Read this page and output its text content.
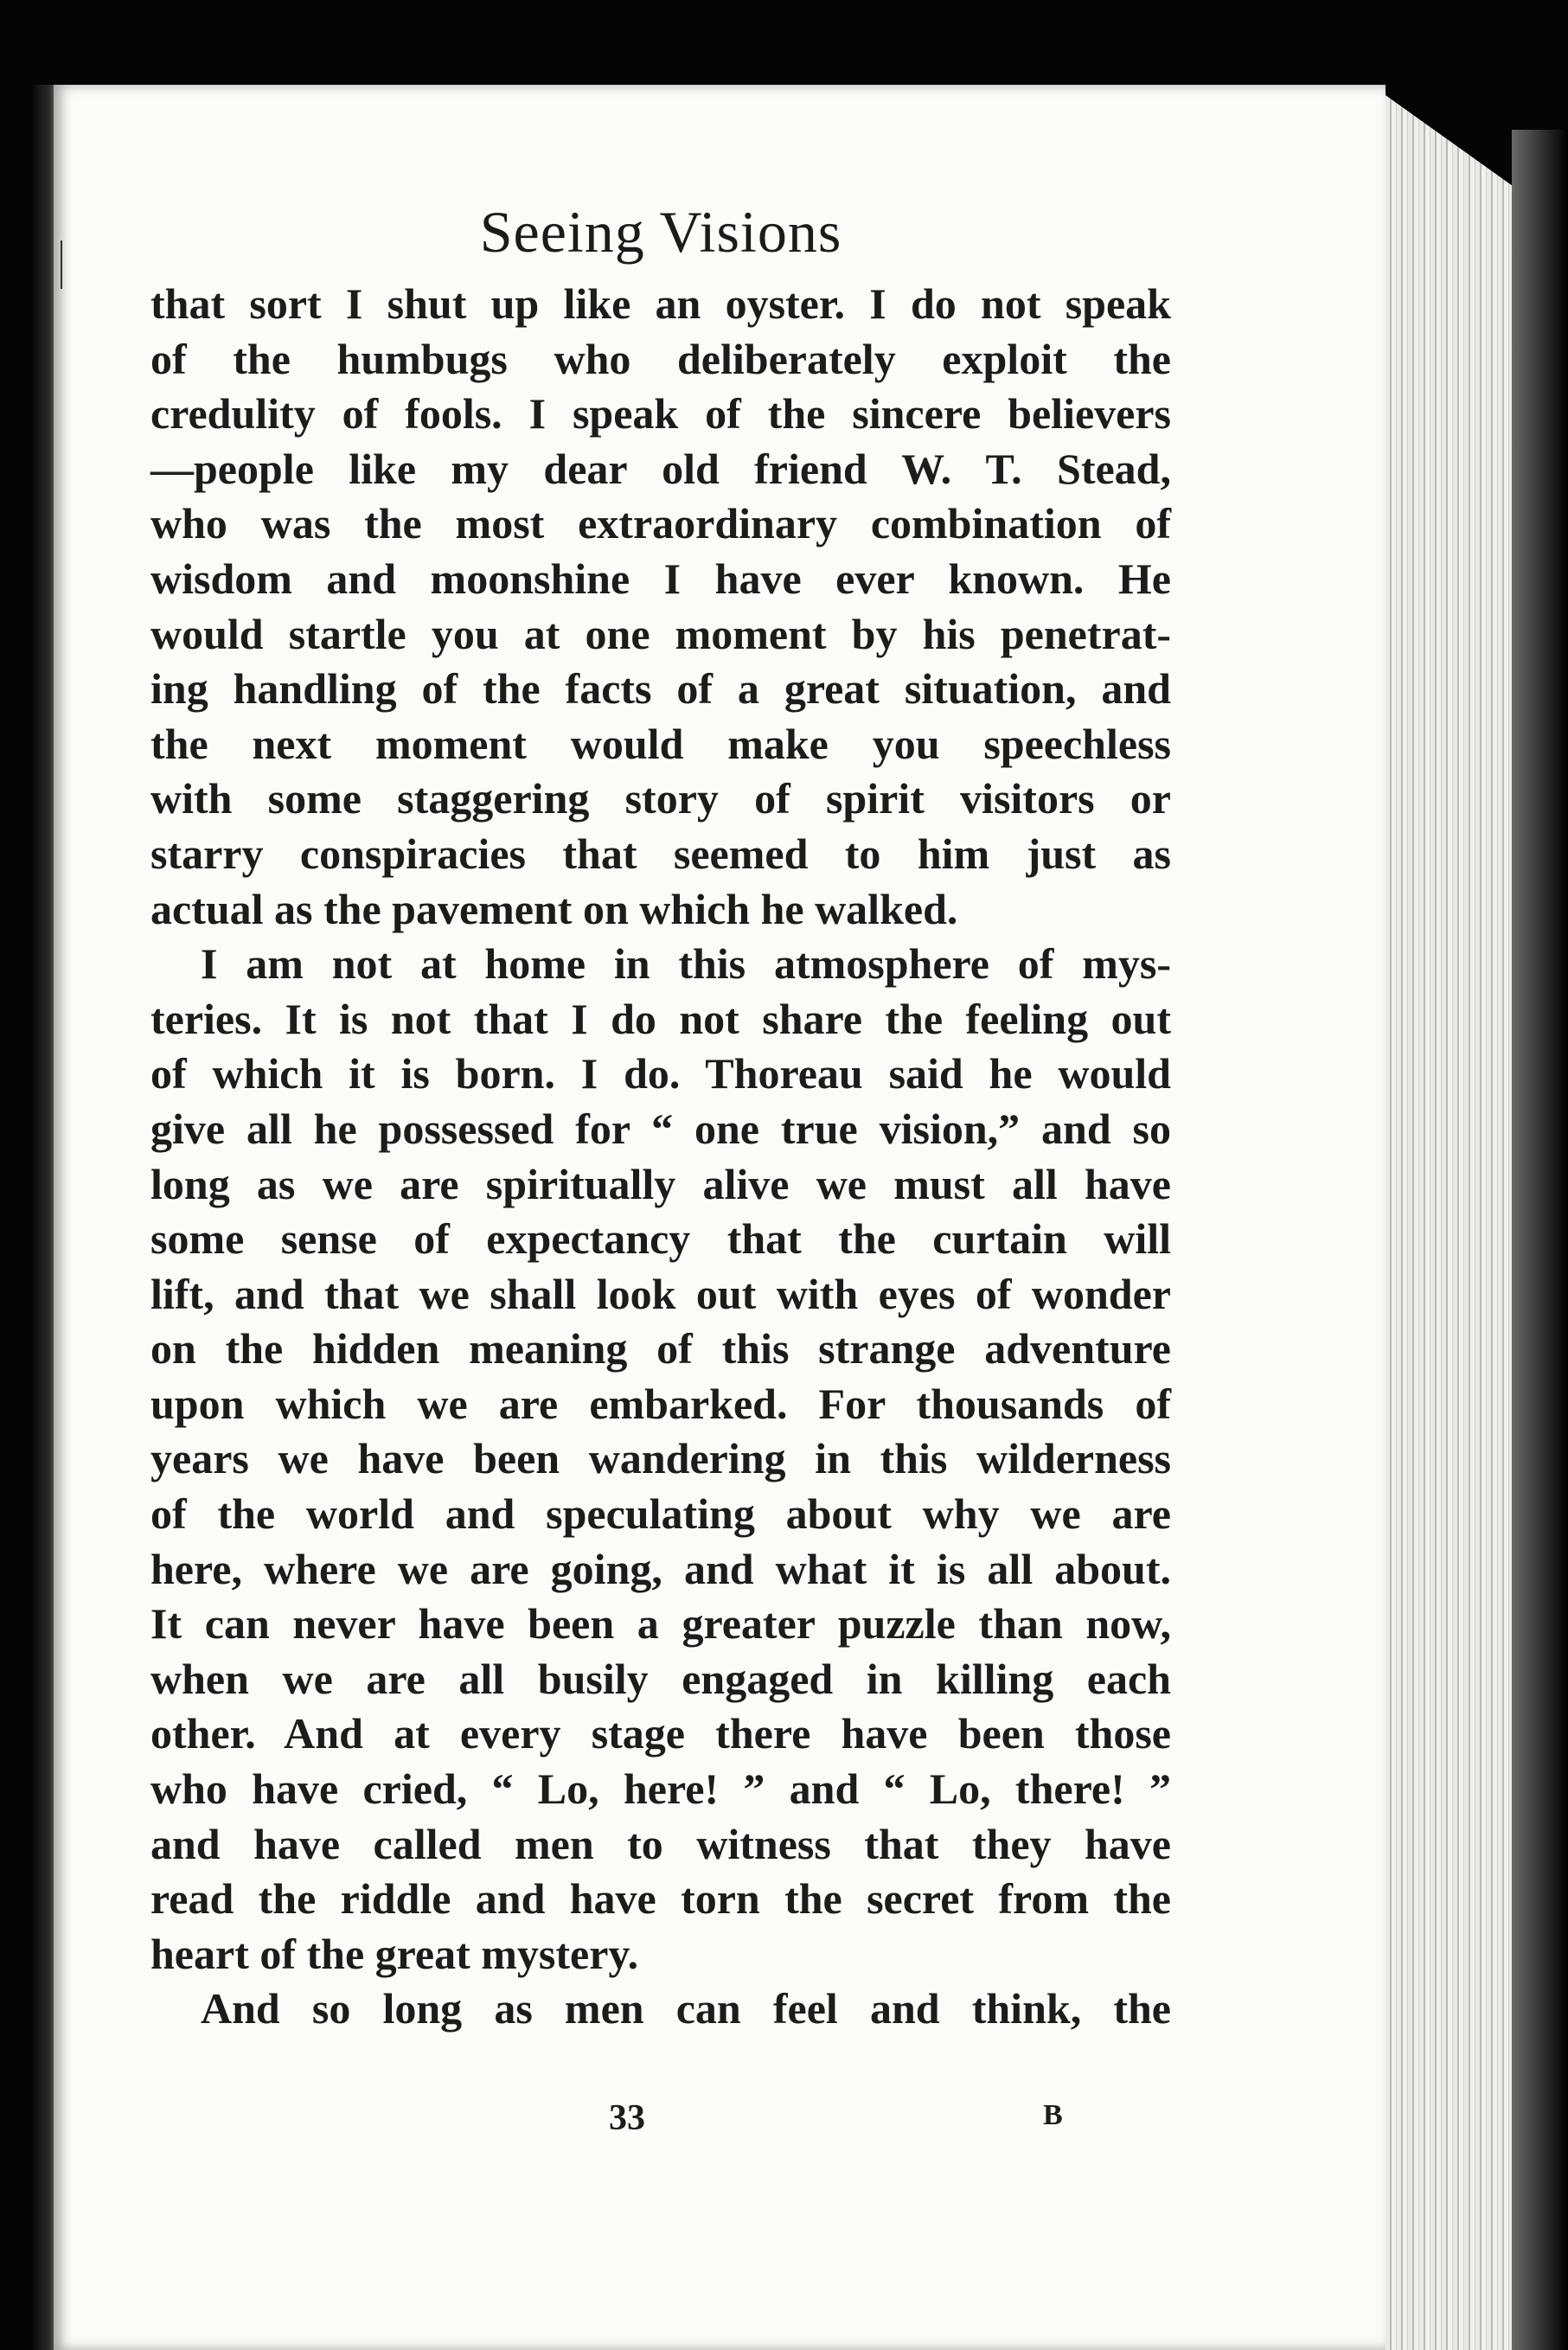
Seeing Visions
that sort I shut up like an oyster. I do not speak
of the humbugs who deliberately exploit the
credulity of fools. I speak of the sincere believers
—people like my dear old friend W. T. Stead,
who was the most extraordinary combination of
wisdom and moonshine I have ever known. He
would startle you at one moment by his penetrat-
ing handling of the facts of a great situation, and
the next moment would make you speechless
with some staggering story of spirit visitors or
starry conspiracies that seemed to him just as
actual as the pavement on which he walked.
I am not at home in this atmosphere of mys-
teries. It is not that I do not share the feeling out
of which it is born. I do. Thoreau said he would
give all he possessed for “ one true vision,” and so
long as we are spiritually alive we must all have
some sense of expectancy that the curtain will
lift, and that we shall look out with eyes of wonder
on the hidden meaning of this strange adventure
upon which we are embarked. For thousands of
years we have been wandering in this wilderness
of the world and speculating about why we are
here, where we are going, and what it is all about.
It can never have been a greater puzzle than now,
when we are all busily engaged in killing each
other. And at every stage there have been those
who have cried, “ Lo, here! ” and “ Lo, there! ”
and have called men to witness that they have
read the riddle and have torn the secret from the
heart of the great mystery.
And so long as men can feel and think, the
33	B
